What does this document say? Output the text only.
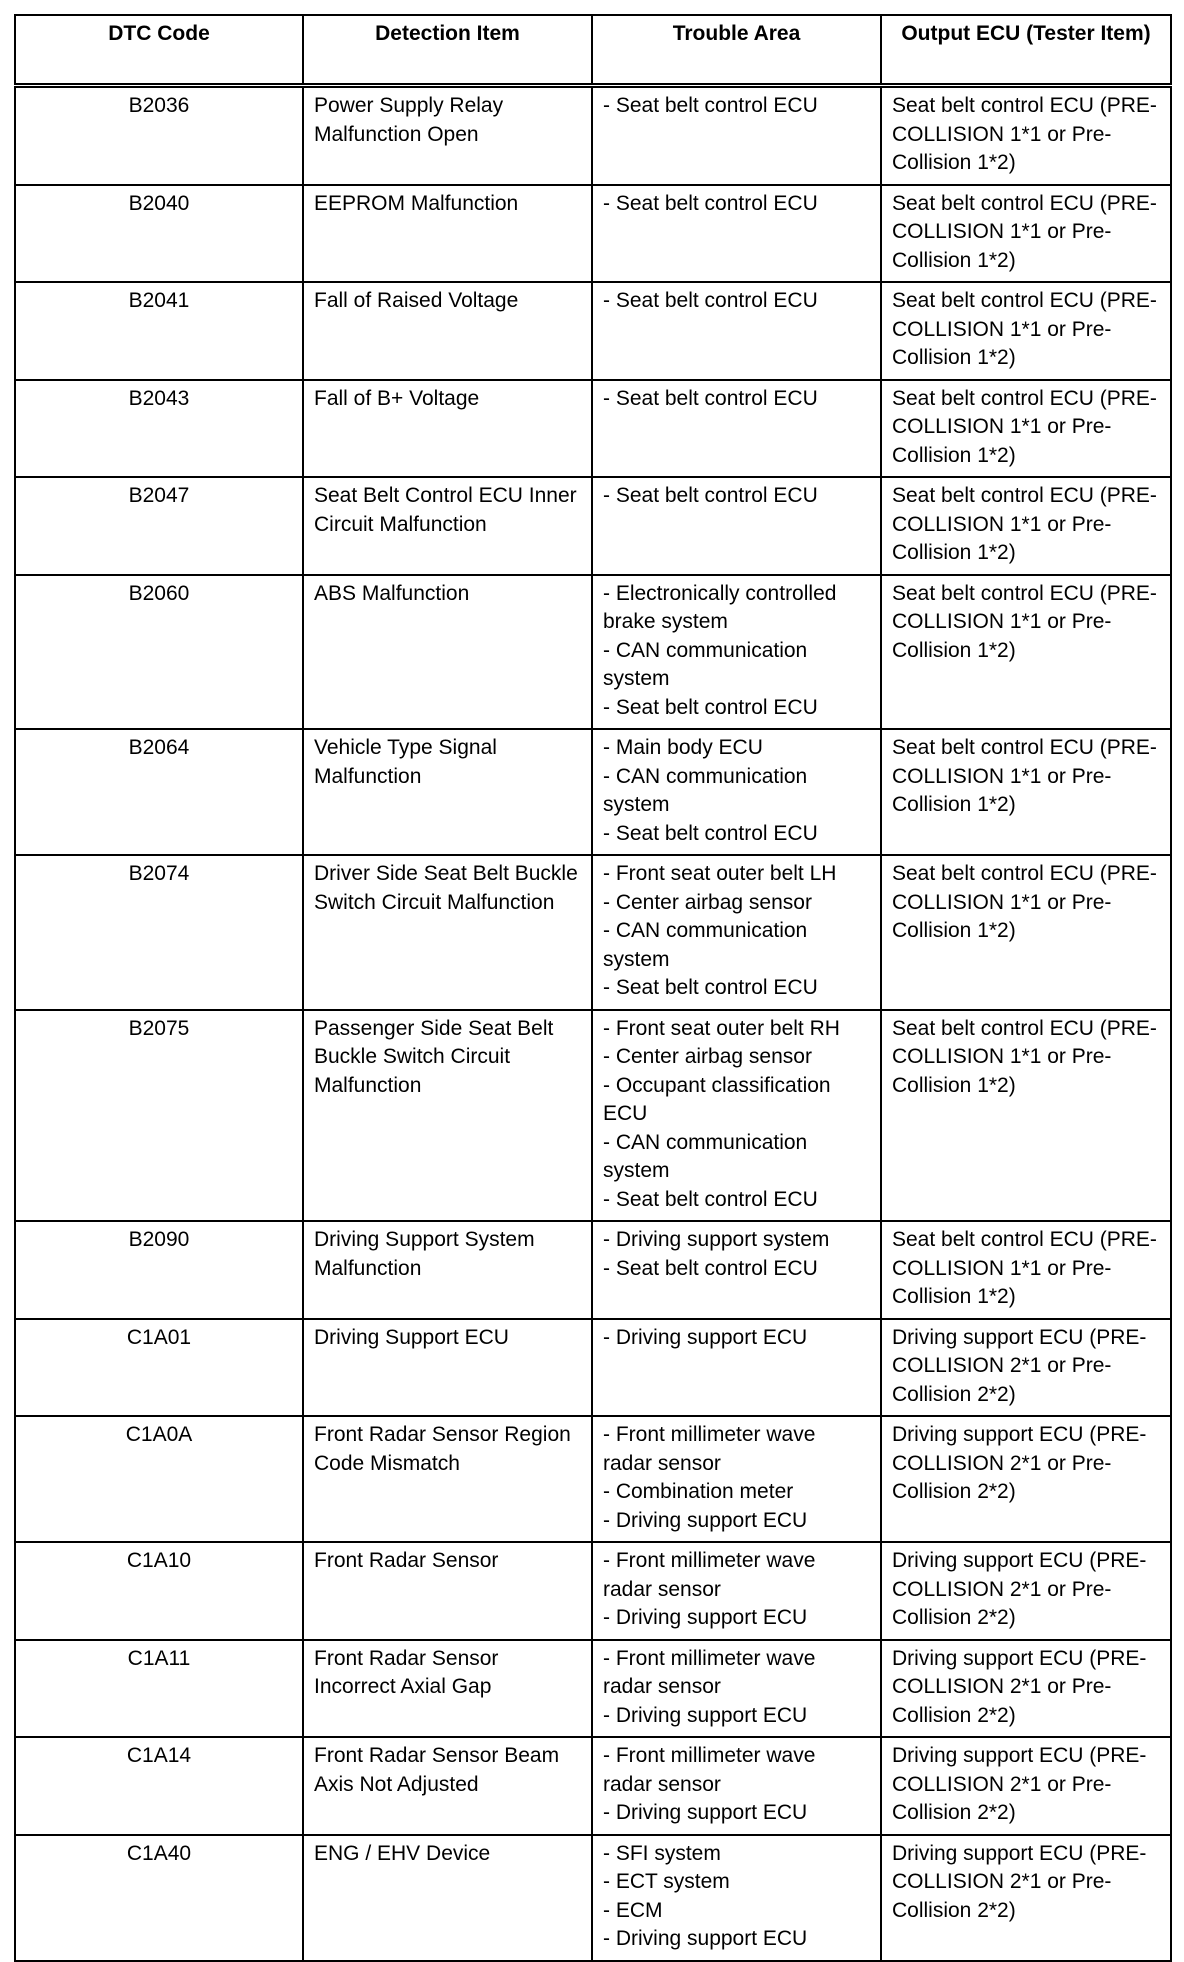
DTC Code	Detection Item	Trouble Area	Output ECU (Tester Item)
B2036	Power Supply Relay Malfunction Open	- Seat belt control ECU	Seat belt control ECU (PRE-COLLISION 1*1 or Pre-Collision 1*2)
B2040	EEPROM Malfunction	- Seat belt control ECU	Seat belt control ECU (PRE-COLLISION 1*1 or Pre-Collision 1*2)
B2041	Fall of Raised Voltage	- Seat belt control ECU	Seat belt control ECU (PRE-COLLISION 1*1 or Pre-Collision 1*2)
B2043	Fall of B+ Voltage	- Seat belt control ECU	Seat belt control ECU (PRE-COLLISION 1*1 or Pre-Collision 1*2)
B2047	Seat Belt Control ECU Inner Circuit Malfunction	- Seat belt control ECU	Seat belt control ECU (PRE-COLLISION 1*1 or Pre-Collision 1*2)
B2060	ABS Malfunction	- Electronically controlled brake system
- CAN communication system
- Seat belt control ECU	Seat belt control ECU (PRE-COLLISION 1*1 or Pre-Collision 1*2)
B2064	Vehicle Type Signal Malfunction	- Main body ECU
- CAN communication system
- Seat belt control ECU	Seat belt control ECU (PRE-COLLISION 1*1 or Pre-Collision 1*2)
B2074	Driver Side Seat Belt Buckle Switch Circuit Malfunction	- Front seat outer belt LH
- Center airbag sensor
- CAN communication system
- Seat belt control ECU	Seat belt control ECU (PRE-COLLISION 1*1 or Pre-Collision 1*2)
B2075	Passenger Side Seat Belt Buckle Switch Circuit Malfunction	- Front seat outer belt RH
- Center airbag sensor
- Occupant classification ECU
- CAN communication system
- Seat belt control ECU	Seat belt control ECU (PRE-COLLISION 1*1 or Pre-Collision 1*2)
B2090	Driving Support System Malfunction	- Driving support system
- Seat belt control ECU	Seat belt control ECU (PRE-COLLISION 1*1 or Pre-Collision 1*2)
C1A01	Driving Support ECU	- Driving support ECU	Driving support ECU (PRE-COLLISION 2*1 or Pre-Collision 2*2)
C1A0A	Front Radar Sensor Region Code Mismatch	- Front millimeter wave radar sensor
- Combination meter
- Driving support ECU	Driving support ECU (PRE-COLLISION 2*1 or Pre-Collision 2*2)
C1A10	Front Radar Sensor	- Front millimeter wave radar sensor
- Driving support ECU	Driving support ECU (PRE-COLLISION 2*1 or Pre-Collision 2*2)
C1A11	Front Radar Sensor Incorrect Axial Gap	- Front millimeter wave radar sensor
- Driving support ECU	Driving support ECU (PRE-COLLISION 2*1 or Pre-Collision 2*2)
C1A14	Front Radar Sensor Beam Axis Not Adjusted	- Front millimeter wave radar sensor
- Driving support ECU	Driving support ECU (PRE-COLLISION 2*1 or Pre-Collision 2*2)
C1A40	ENG / EHV Device	- SFI system
- ECT system
- ECM
- Driving support ECU	Driving support ECU (PRE-COLLISION 2*1 or Pre-Collision 2*2)
